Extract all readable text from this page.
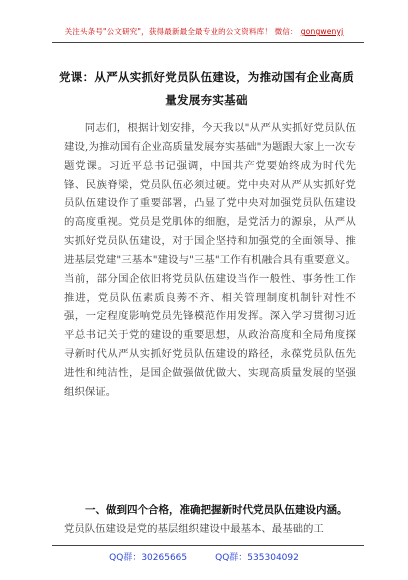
关注头条号"公文研究"，获得最新最全最专业的公文资料库！ 微信： gongwenyj
党课：从严从实抓好党员队伍建设，为推动国有企业高质量发展夯实基础

同志们，根据计划安排，今天我以"从严从实抓好党员队伍建设,为推动国有企业高质量发展夯实基础"为题跟大家上一次专题党课。习近平总书记强调，中国共产党要始终成为时代先锋、民族脊梁，党员队伍必须过硬。党中央对从严从实抓好党员队伍建设作了重要部署，凸显了党中央对加强党员队伍建设的高度重视。党员是党肌体的细胞，是党活力的源泉，从严从实抓好党员队伍建设，对于国企坚持和加强党的全面领导、推进基层党建"三基本"建设与"三基"工作有机融合具有重要意义。当前，部分国企依旧将党员队伍建设当作一般性、事务性工作推进，党员队伍素质良莠不齐、相关管理制度机制针对性不强，一定程度影响党员先锋模范作用发挥。深入学习贯彻习近平总书记关于党的建设的重要思想，从政治高度和全局角度探寻新时代从严从实抓好党员队伍建设的路径，永葆党员队伍先进性和纯洁性，是国企做强做优做大、实现高质量发展的坚强组织保证。

一、做到四个合格，准确把握新时代党员队伍建设内涵。
党员队伍建设是党的基层组织建设中最基本、最基础的工
QQ群：30265665	QQ群：535304092
